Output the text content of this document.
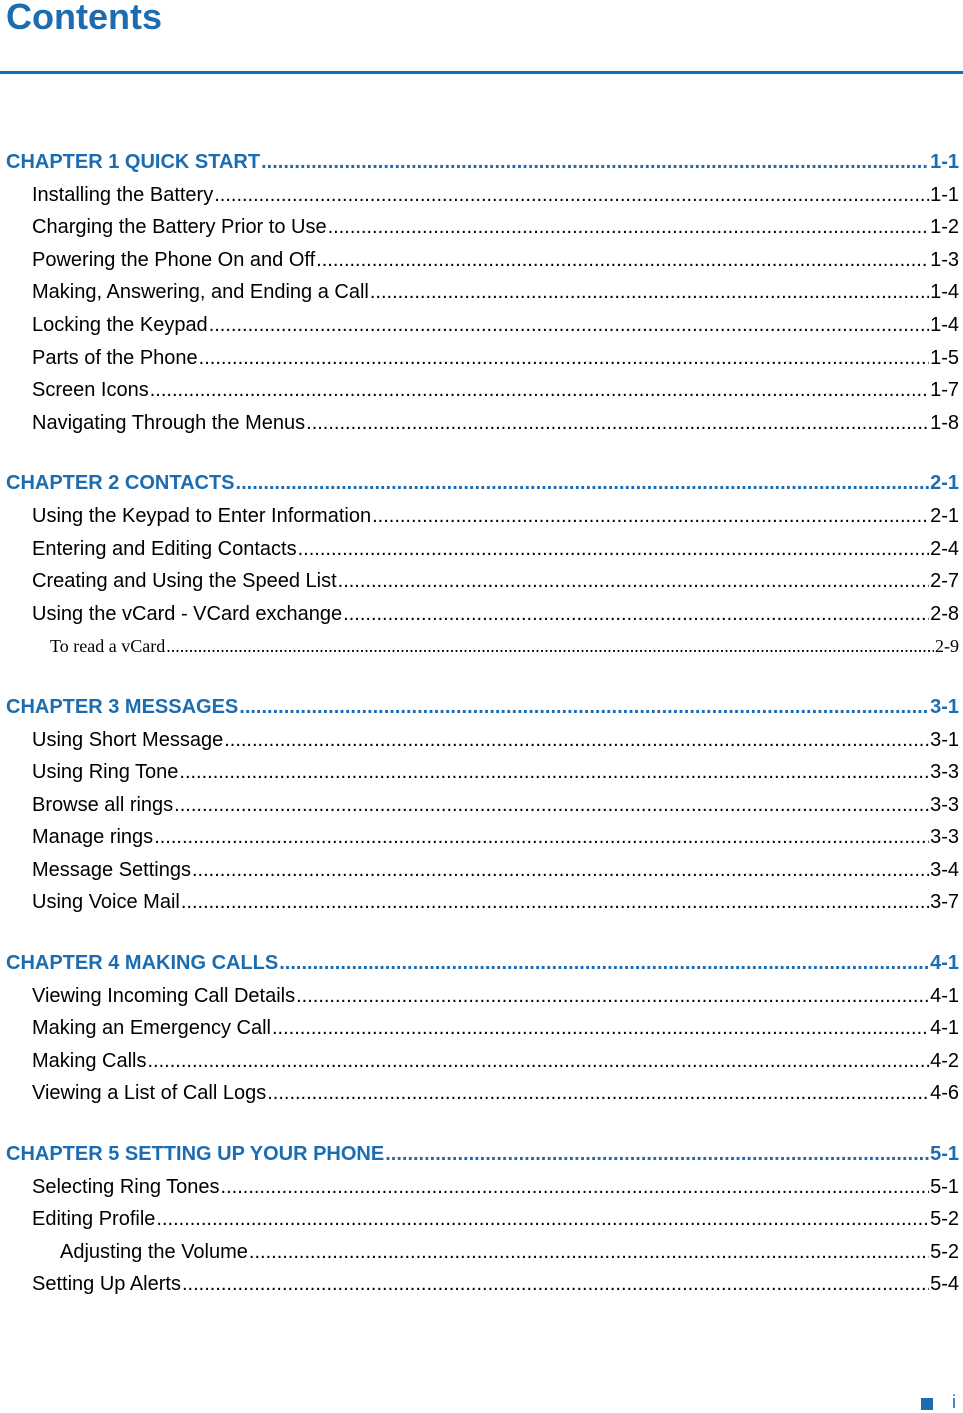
Contents
CHAPTER 1 QUICK START .....	1-1
Installing the Battery .....	1-1
Charging the Battery Prior to Use .....	1-2
Powering the Phone On and Off .....	1-3
Making, Answering, and Ending a Call .....	1-4
Locking the Keypad .....	1-4
Parts of the Phone .....	1-5
Screen Icons .....	1-7
Navigating Through the Menus .....	1-8
CHAPTER 2 CONTACTS .....	2-1
Using the Keypad to Enter Information .....	2-1
Entering and Editing Contacts .....	2-4
Creating and Using the Speed List .....	2-7
Using the vCard - VCard exchange .....	2-8
To read a vCard .....	2-9
CHAPTER 3 MESSAGES .....	3-1
Using Short Message .....	3-1
Using Ring Tone .....	3-3
Browse all rings .....	3-3
Manage rings .....	3-3
Message Settings .....	3-4
Using Voice Mail .....	3-7
CHAPTER 4 MAKING CALLS .....	4-1
Viewing Incoming Call Details .....	4-1
Making an Emergency Call .....	4-1
Making Calls .....	4-2
Viewing a List of Call Logs .....	4-6
CHAPTER 5 SETTING UP YOUR PHONE .....	5-1
Selecting Ring Tones .....	5-1
Editing Profile .....	5-2
Adjusting the Volume .....	5-2
Setting Up Alerts .....	5-4
i
